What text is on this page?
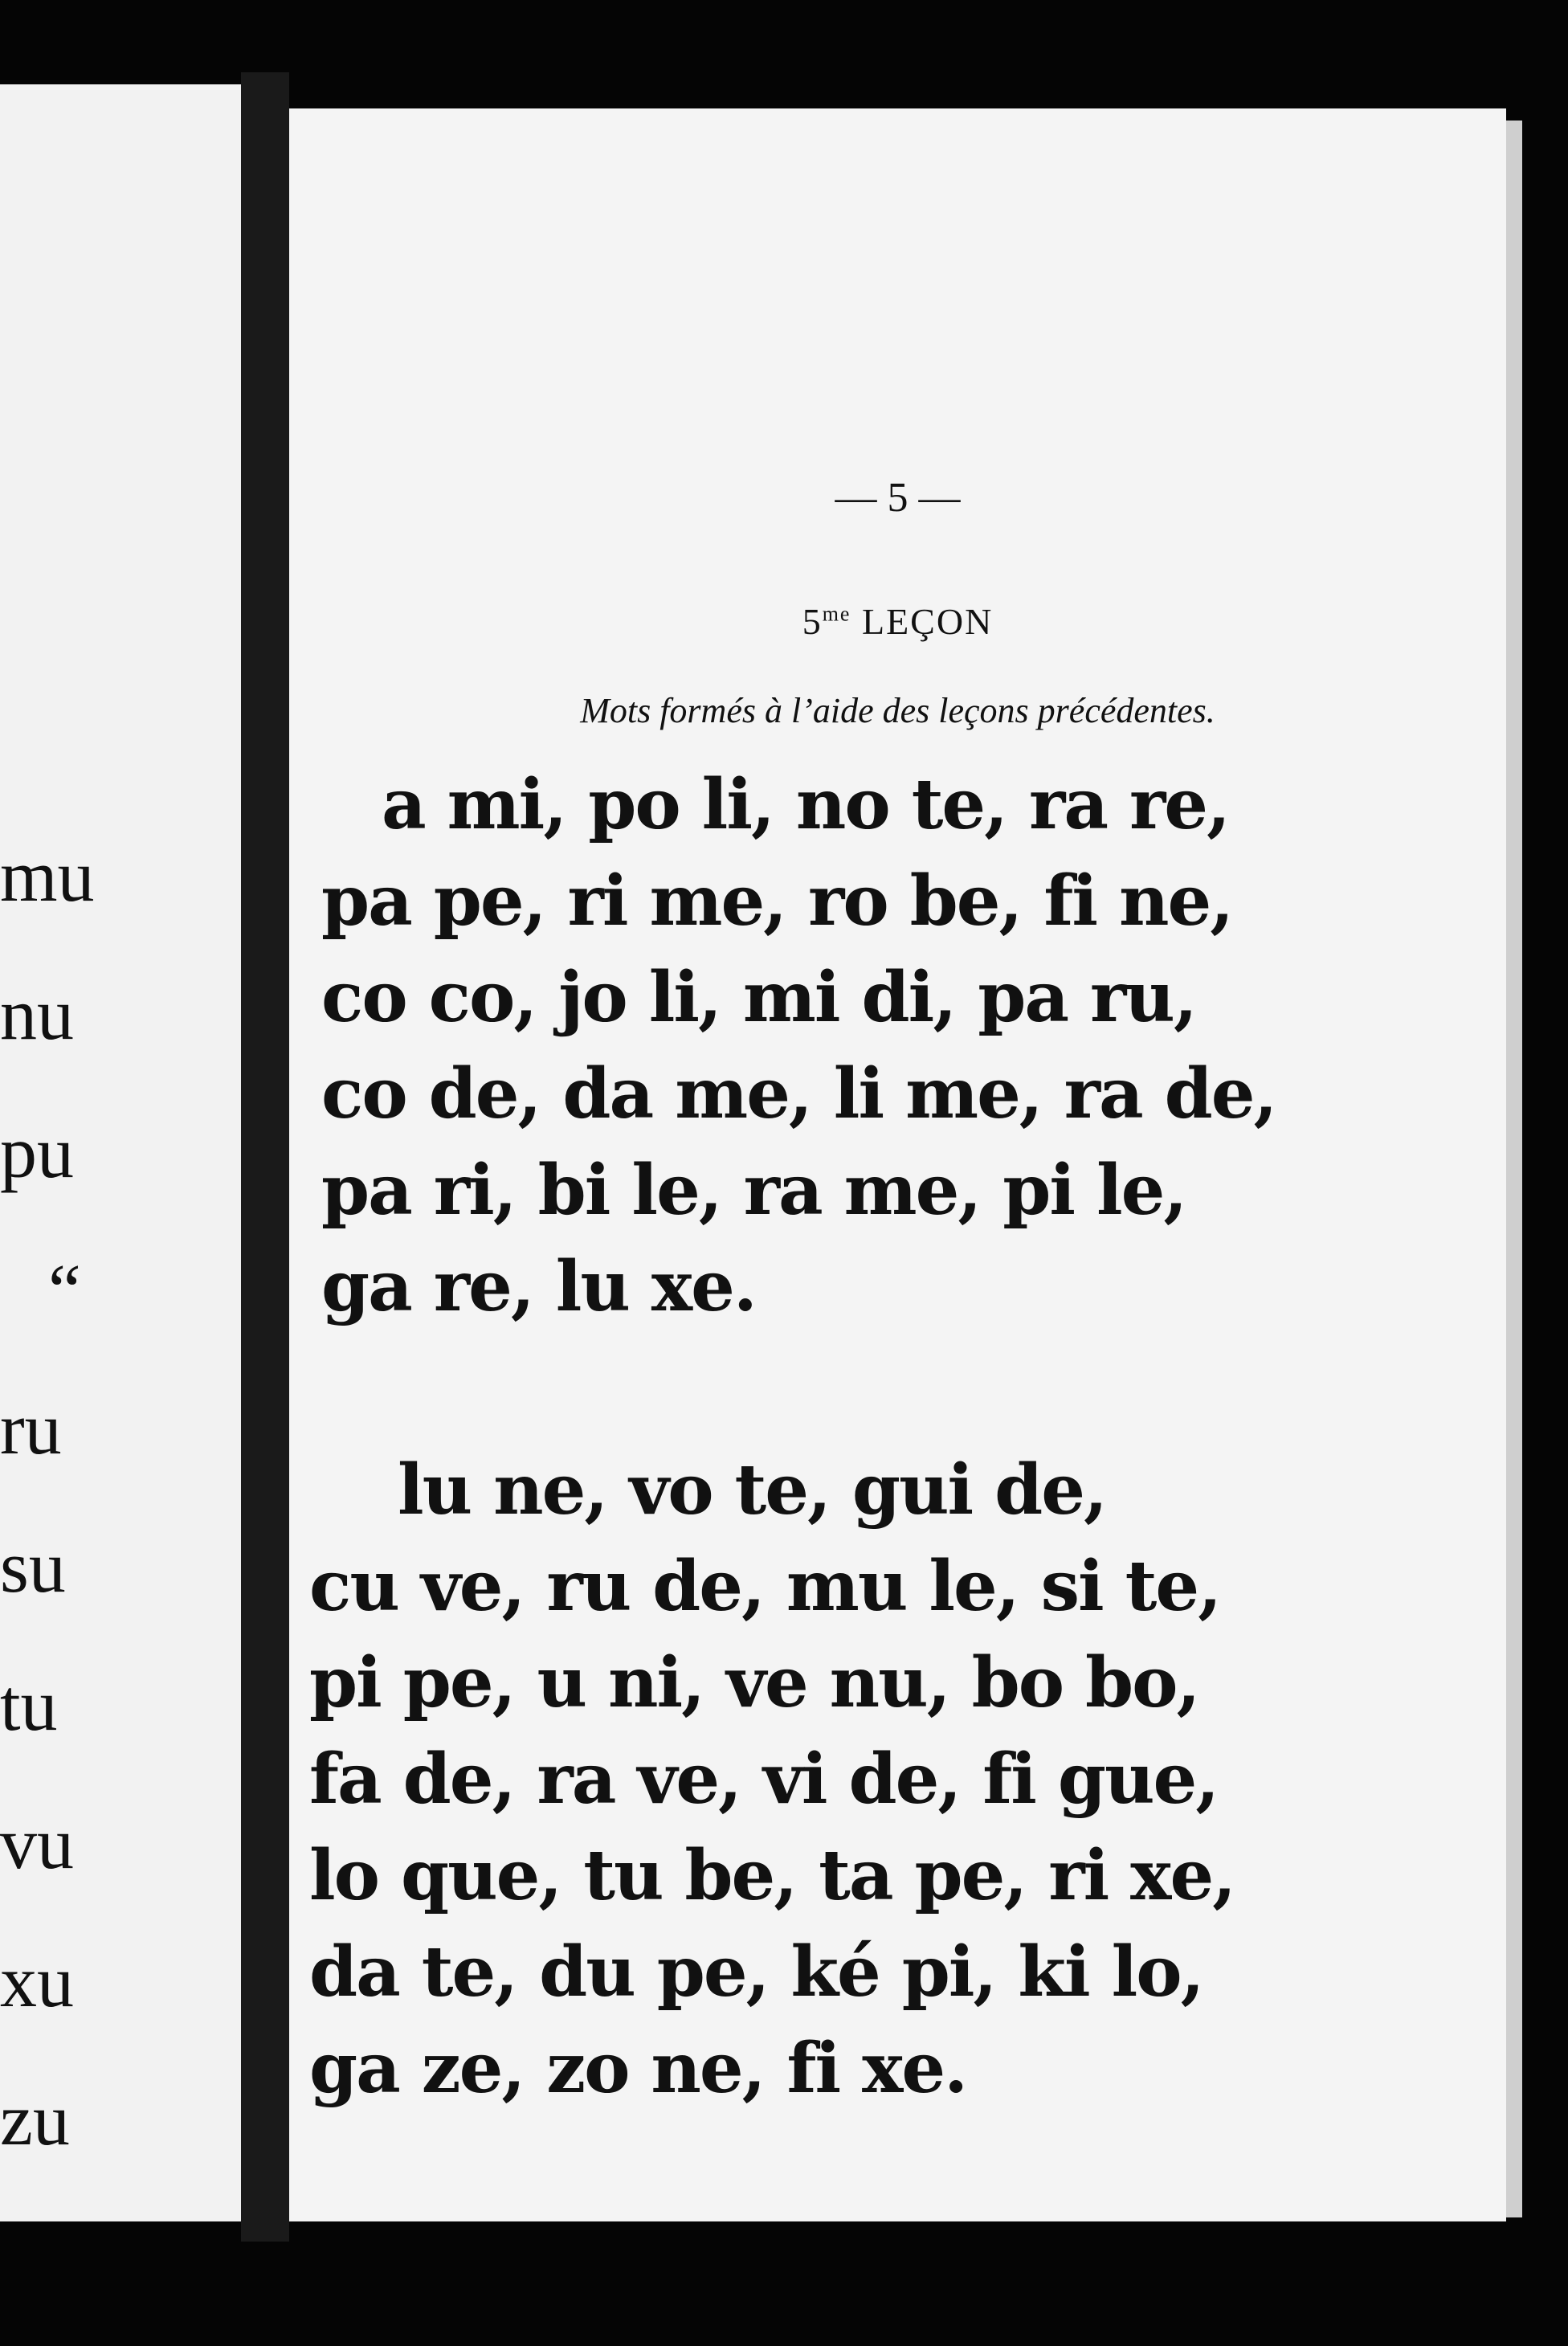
mu
nu
pu
“
ru
su
tu
vu
xu
zu
— 5 —
$5^{me}$ LEÇON
Mots formés à l’aide des leçons précédentes.
a mi, po li, no te, ra re,
pa pe, ri me, ro be, fi ne,
co co, jo li, mi di, pa ru,
co de, da me, li me, ra de,
pa ri, bi le, ra me, pi le,
ga re, lu xe.
lu ne, vo te, gui de,
cu ve, ru de, mu le, si te,
pi pe, u ni, ve nu, bo bo,
fa de, ra ve, vi de, fi gue,
lo que, tu be, ta pe, ri xe,
da te, du pe, ké pi, ki lo,
ga ze, zo ne, fi xe.
